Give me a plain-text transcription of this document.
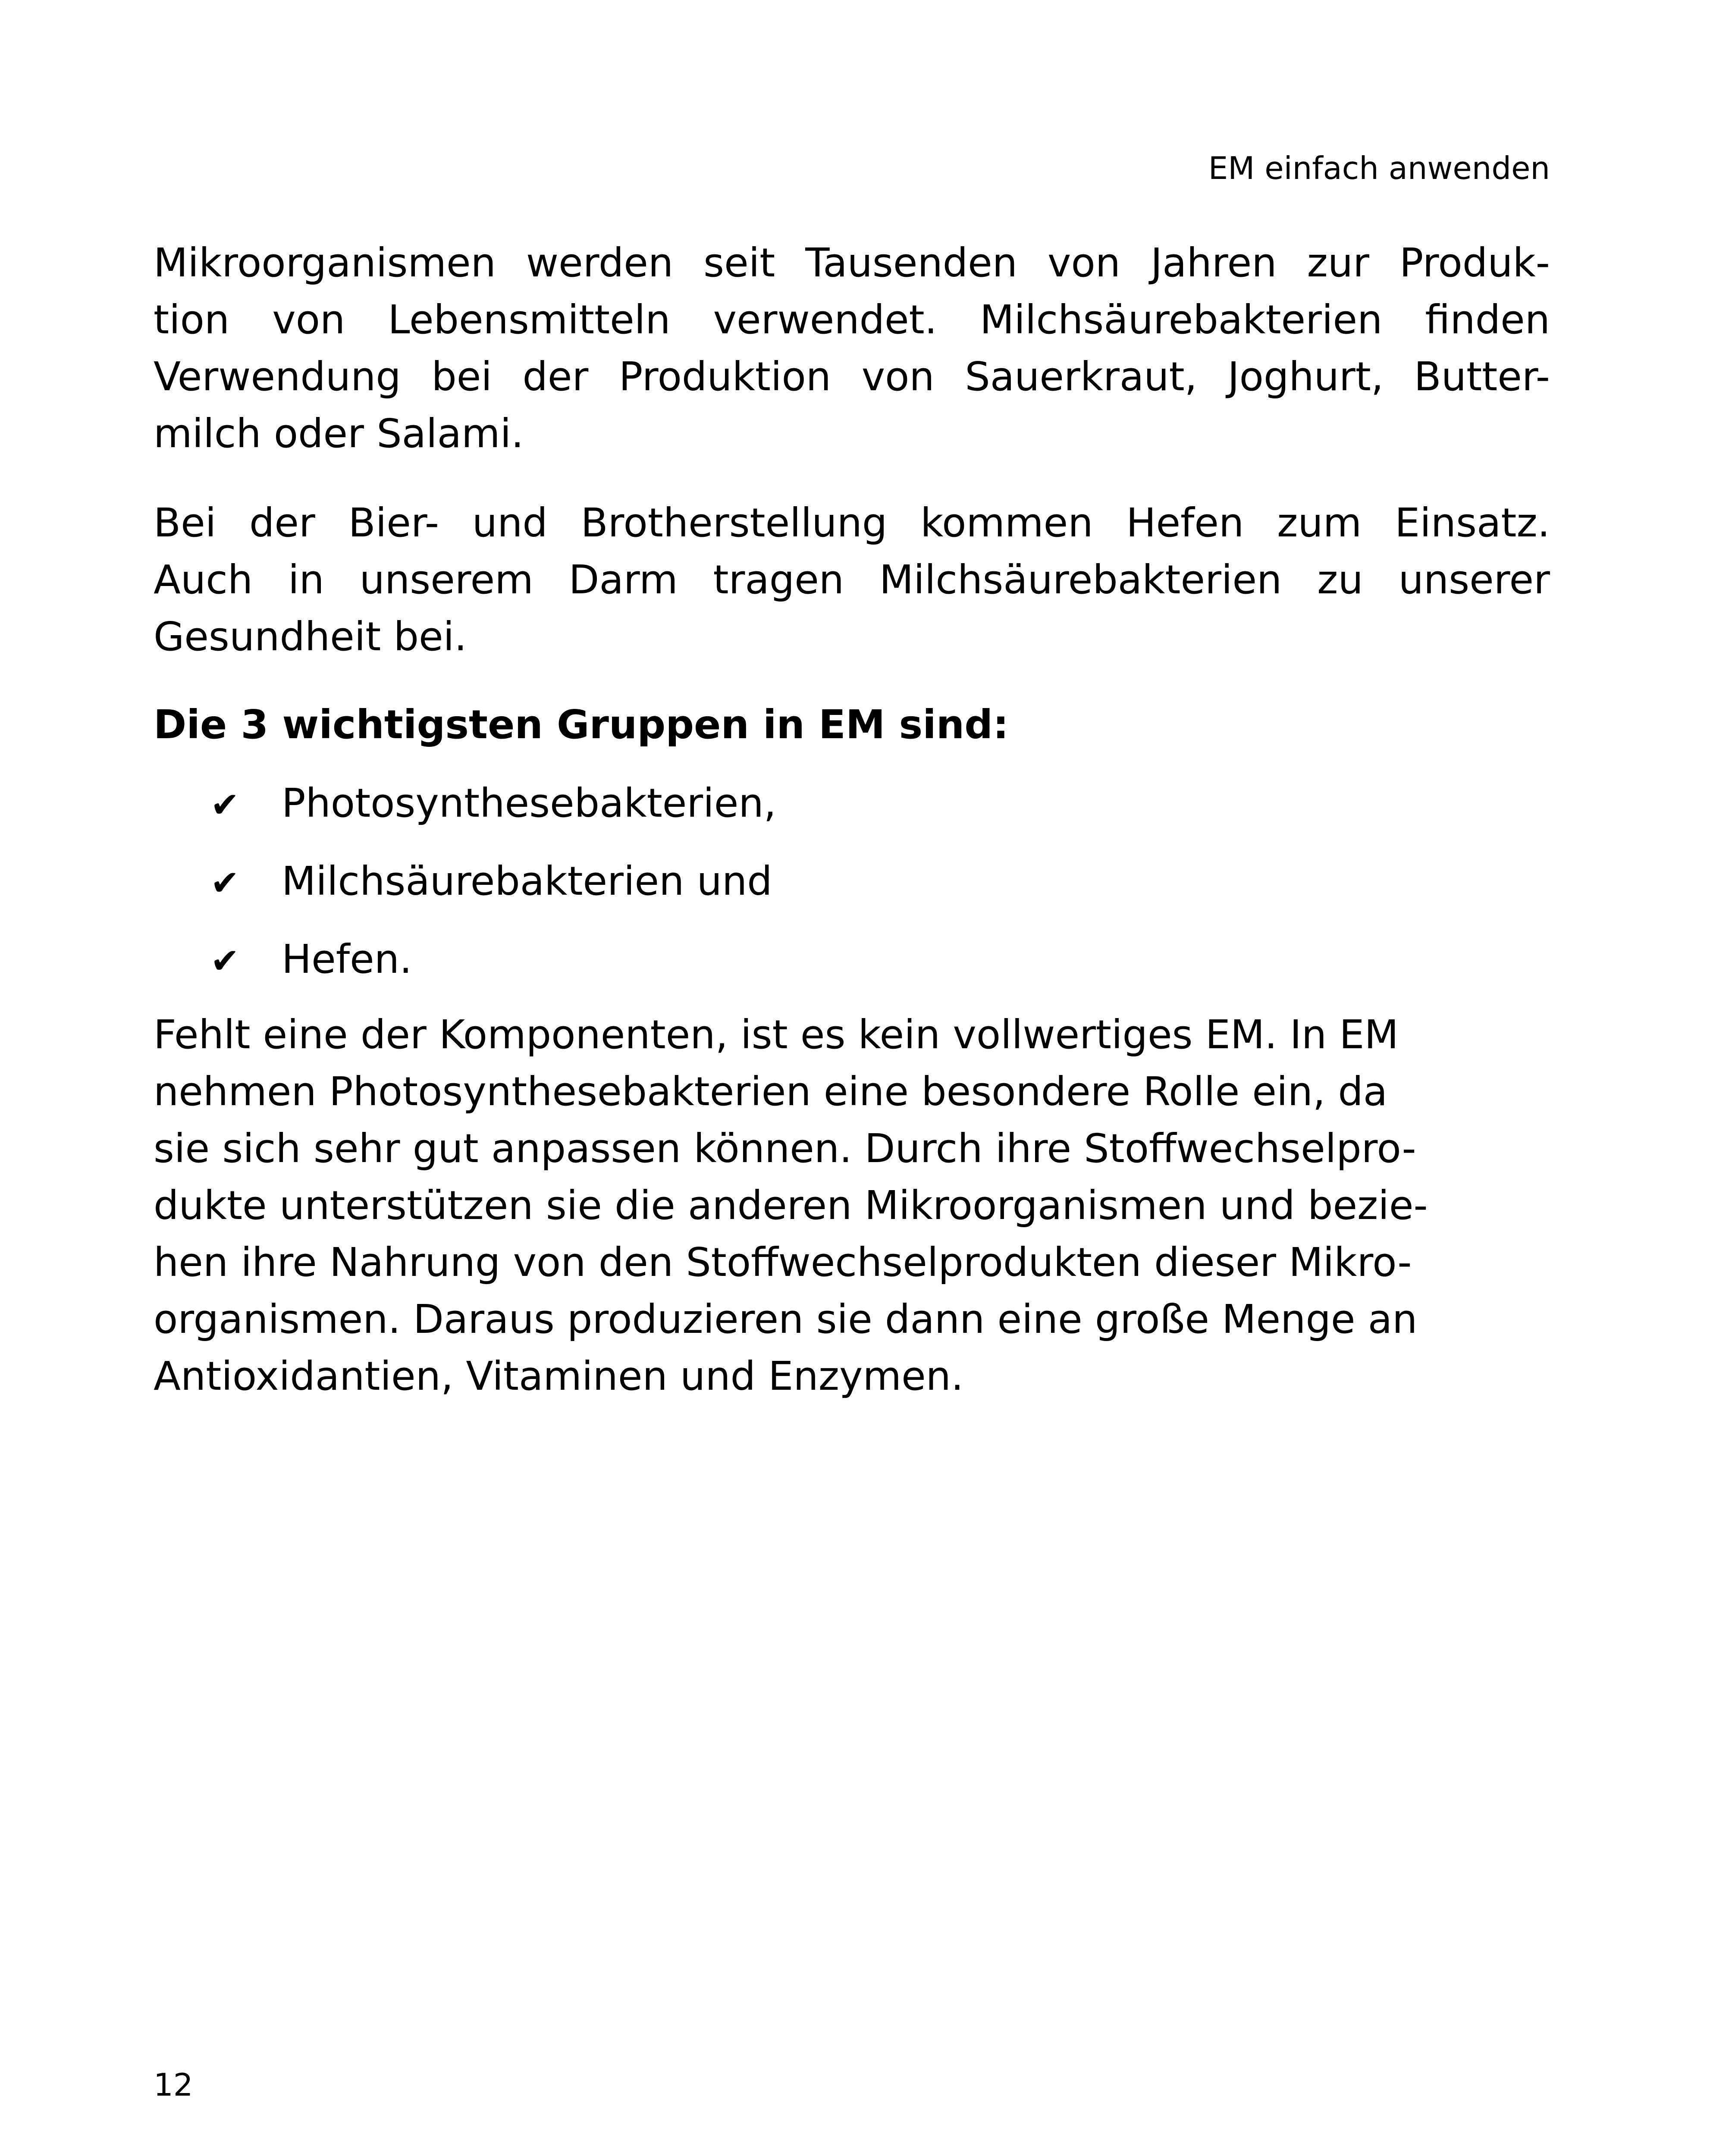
EM einfach anwenden
Mikroorganismen werden seit Tausenden von Jahren zur Produk-
tion von Lebensmitteln verwendet. Milchsäurebakterien finden
Verwendung bei der Produktion von Sauerkraut, Joghurt, Butter-
milch oder Salami.
Bei der Bier- und Brotherstellung kommen Hefen zum Einsatz.
Auch in unserem Darm tragen Milchsäurebakterien zu unserer
Gesundheit bei.
Die 3 wichtigsten Gruppen in EM sind:
✔ Photosynthesebakterien,
✔ Milchsäurebakterien und
✔ Hefen.
Fehlt eine der Komponenten, ist es kein vollwertiges EM. In EM
nehmen Photosynthesebakterien eine besondere Rolle ein, da
sie sich sehr gut anpassen können. Durch ihre Stoffwechselpro-
dukte unterstützen sie die anderen Mikroorganismen und bezie-
hen ihre Nahrung von den Stoffwechselprodukten dieser Mikro-
organismen. Daraus produzieren sie dann eine große Menge an
Antioxidantien, Vitaminen und Enzymen.
12
